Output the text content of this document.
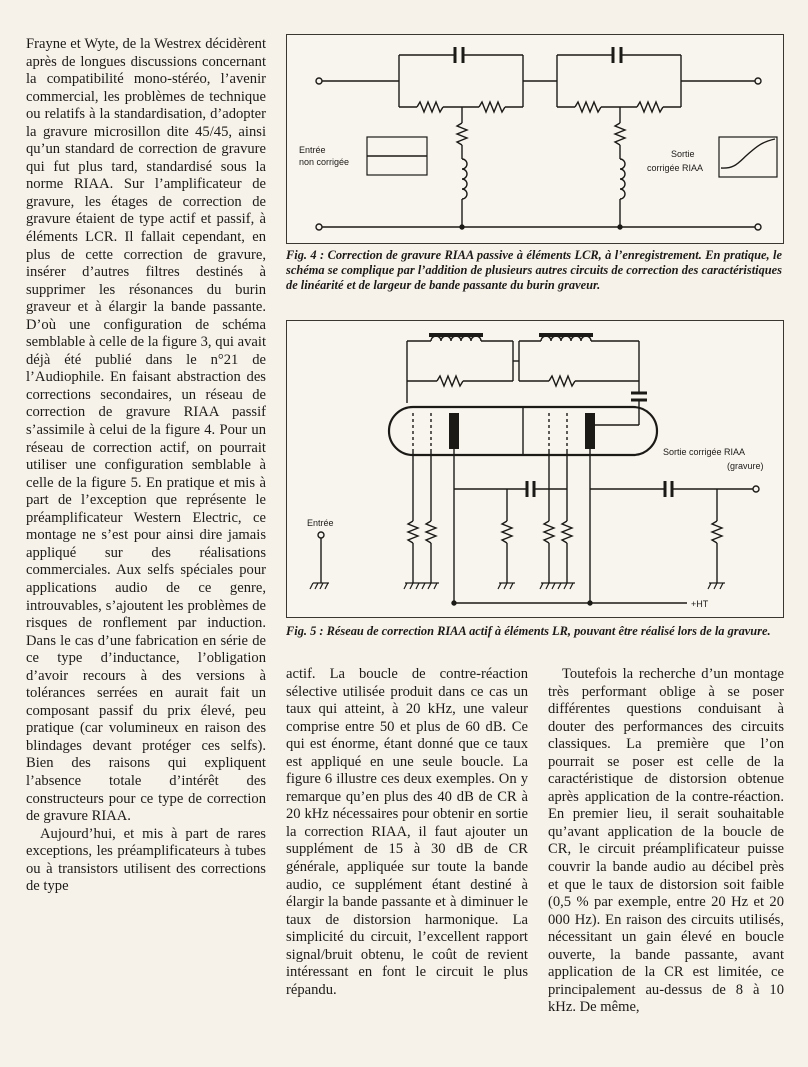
Frayne et Wyte, de la Westrex décidèrent après de longues discussions concernant la compatibilité mono-stéréo, l’avenir commercial, les problèmes de technique ou relatifs à la standardisation, d’adopter la gravure microsillon dite 45/45, ainsi qu’un standard de correction de gravure qui fut plus tard, standardisé sous la norme RIAA. Sur l’amplificateur de gravure, les étages de correction de gravure étaient de type actif et passif, à éléments LCR. Il fallait cependant, en plus de cette correction de gravure, insérer d’autres filtres destinés à supprimer les résonances du burin graveur et à élargir la bande passante. D’où une configuration de schéma semblable à celle de la figure 3, qui avait déjà été publié dans le n°21 de l’Audiophile. En faisant abstraction des corrections secondaires, un réseau de correction de gravure RIAA passif s’assimile à celui de la figure 4. Pour un réseau de correction actif, on pourrait utiliser une configuration semblable à celle de la figure 5. En pratique et mis à part de l’exception que représente le préamplificateur Western Electric, ce montage ne s’est pour ainsi dire jamais appliqué sur des réalisations commerciales. Aux selfs spéciales pour applications audio de ce genre, introuvables, s’ajoutent les problèmes de risques de ronflement par induction. Dans le cas d’une fabrication en série de ce type d’inductance, l’obligation d’avoir recours à des versions à tolérances serrées en aurait fait un composant passif du prix élevé, peu pratique (car volumineux en raison des blindages devant protéger ces selfs). Bien des raisons qui expliquent l’absence totale d’intérêt des constructeurs pour ce type de correction de gravure RIAA.

Aujourd’hui, et mis à part de rares exceptions, les préamplificateurs à tubes ou à transistors utilisent des corrections de type

Entrée
non corrigée
Sortie
corrigée RIAA
Fig. 4 : Correction de gravure RIAA passive à éléments LCR, à l’enregistrement. En pratique, le schéma se complique par l’addition de plusieurs autres circuits de correction des caractéristiques de linéarité et de largeur de bande passante du burin graveur.
Entrée
Sortie corrigée RIAA
(gravure)
+HT
Fig. 5 : Réseau de correction RIAA actif à éléments LR, pouvant être réalisé lors de la gravure.

actif. La boucle de contre-réaction sélective utilisée produit dans ce cas un taux qui atteint, à 20 kHz, une valeur comprise entre 50 et plus de 60 dB. Ce qui est énorme, étant donné que ce taux est appliqué en une seule boucle. La figure 6 illustre ces deux exemples. On y remarque qu’en plus des 40 dB de CR à 20 kHz nécessaires pour obtenir en sortie la correction RIAA, il faut ajouter un supplément de 15 à 30 dB de CR générale, appliquée sur toute la bande audio, ce supplément étant destiné à élargir la bande passante et à diminuer le taux de distorsion harmonique. La simplicité du circuit, l’excellent rapport signal/bruit obtenu, le coût de revient intéressant en font le circuit le plus répandu.

Toutefois la recherche d’un montage très performant oblige à se poser différentes questions conduisant à douter des performances des circuits classiques. La première que l’on pourrait se poser est celle de la caractéristique de distorsion obtenue après application de la contre-réaction. En premier lieu, il serait souhaitable qu’avant application de la boucle de CR, le circuit préamplificateur puisse couvrir la bande audio au décibel près et que le taux de distorsion soit faible (0,5 % par exemple, entre 20 Hz et 20 000 Hz). En raison des circuits utilisés, nécessitant un gain élevé en boucle ouverte, la bande passante, avant application de la CR est limitée, ce principalement au-dessus de 8 à 10 kHz. De même,
